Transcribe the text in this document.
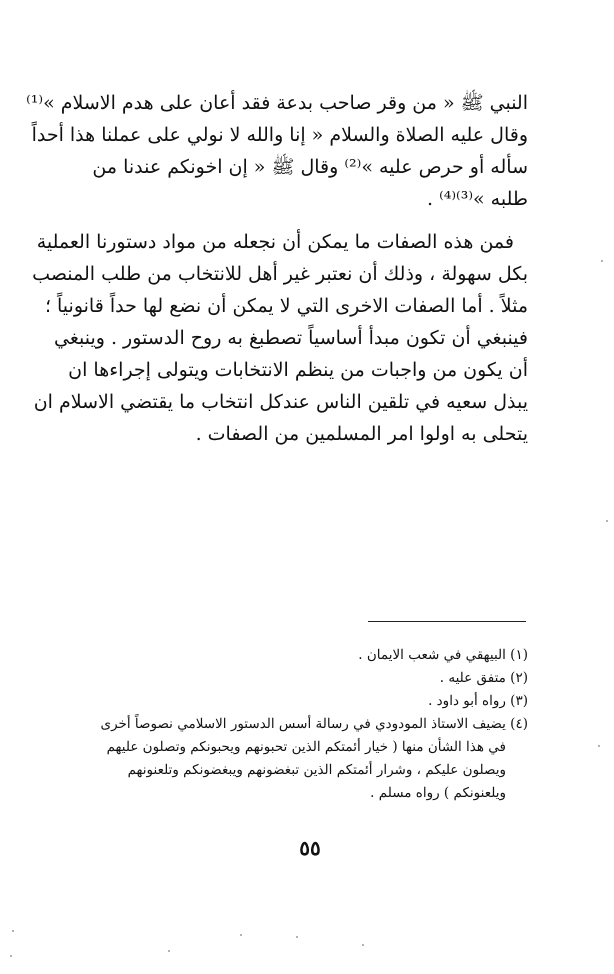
النبي ﷺ « من وقر صاحب بدعة فقد أعان على هدم الاسلام »⁽¹⁾
وقال عليه الصلاة والسلام « إنا والله لا نولي على عملنا هذا أحداً
سأله أو حرص عليه »⁽²⁾ وقال ﷺ « إن اخونكم عندنا من
طلبه »⁽³⁾⁽⁴⁾ .
فمن هذه الصفات ما يمكن أن نجعله من مواد دستورنا العملية
بكل سهولة ، وذلك أن نعتبر غير أهل للانتخاب من طلب المنصب
مثلاً . أما الصفات الاخرى التي لا يمكن أن نضع لها حداً قانونياً ؛
فينبغي أن تكون مبدأ أساسياً تصطبغ به روح الدستور . وينبغي
أن يكون من واجبات من ينظم الانتخابات ويتولى إجراءها ان
يبذل سعيه في تلقين الناس عندكل انتخاب ما يقتضي الاسلام ان
يتحلى به اولوا امر المسلمين من الصفات .
(١) البيهقي في شعب الايمان .
(٢) متفق عليه .
(٣) رواه أبو داود .
(٤) يضيف الاستاذ المودودي في رسالة أسس الدستور الاسلامي نصوصاً أخرى
في هذا الشأن منها ( خيار أئمتكم الذين تحبونهم ويحبونكم وتصلون عليهم
ويصلون عليكم ، وشرار أئمتكم الذين تبغضونهم ويبغضونكم وتلعنونهم
ويلعنونكم ) رواه مسلم .
٥٥
